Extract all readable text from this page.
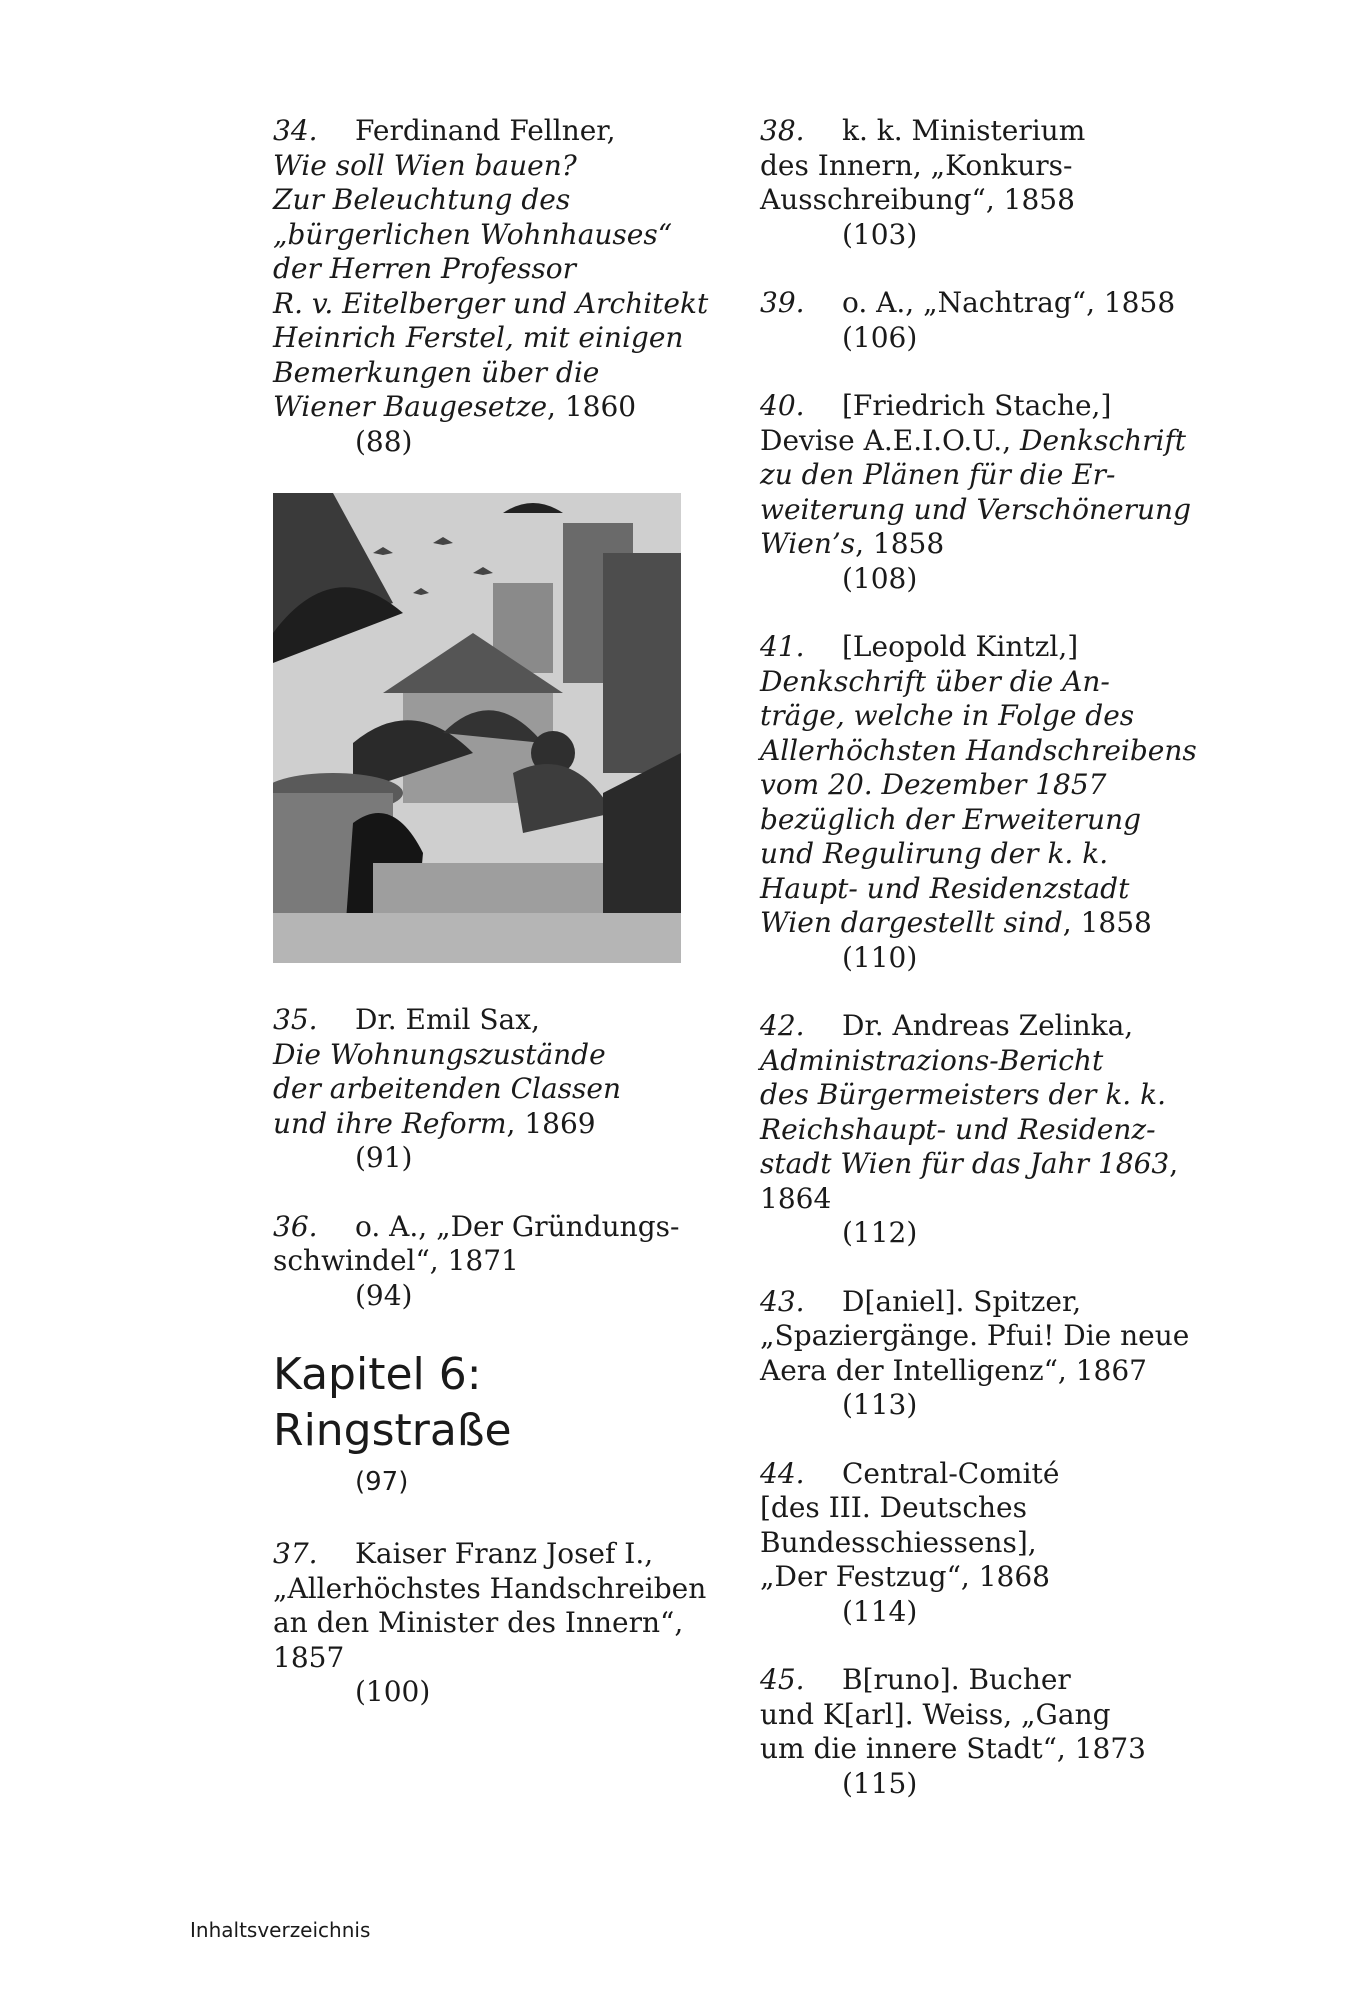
34. Ferdinand Fellner,
Wie soll Wien bauen?
Zur Beleuchtung des
„bürgerlichen Wohnhauses“
der Herren Professor
R. v. Eitelberger und Architekt
Heinrich Ferstel, mit einigen
Bemerkungen über die
Wiener Baugesetze, 1860
(88)
35. Dr. Emil Sax,
Die Wohnungszustände
der arbeitenden Classen
und ihre Reform, 1869
(91)
36. o. A., „Der Gründungs-
schwindel“, 1871
(94)
Kapitel 6:
Ringstraße
(97)
37. Kaiser Franz Josef I.,
„Allerhöchstes Handschreiben
an den Minister des Innern“,
1857
(100)
38. k. k. Ministerium
des Innern, „Konkurs-
Ausschreibung“, 1858
(103)
39. o. A., „Nachtrag“, 1858
(106)
40. [Friedrich Stache,]
Devise A.E.I.O.U., Denkschrift
zu den Plänen für die Er-
weiterung und Verschönerung
Wien’s, 1858
(108)
41. [Leopold Kintzl,]
Denkschrift über die An-
träge, welche in Folge des
Allerhöchsten Handschreibens
vom 20. Dezember 1857
bezüglich der Erweiterung
und Regulirung der k. k.
Haupt- und Residenzstadt
Wien dargestellt sind, 1858
(110)
42. Dr. Andreas Zelinka,
Administrazions-Bericht
des Bürgermeisters der k. k.
Reichshaupt- und Residenz-
stadt Wien für das Jahr 1863,
1864
(112)
43. D[aniel]. Spitzer,
„Spaziergänge. Pfui! Die neue
Aera der Intelligenz“, 1867
(113)
44. Central-Comité
[des III. Deutsches
Bundesschiessens],
„Der Festzug“, 1868
(114)
45. B[runo]. Bucher
und K[arl]. Weiss, „Gang
um die innere Stadt“, 1873
(115)
Inhaltsverzeichnis
